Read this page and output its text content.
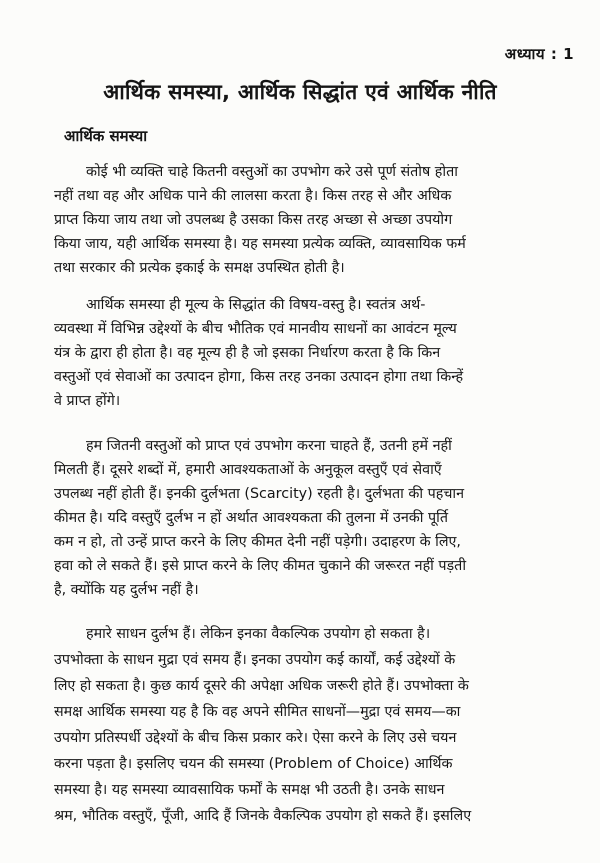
अध्याय : 1
आर्थिक समस्या, आर्थिक सिद्धांत एवं आर्थिक नीति
आर्थिक समस्या
कोई भी व्यक्ति चाहे कितनी वस्तुओं का उपभोग करे उसे पूर्ण संतोष होता
नहीं तथा वह और अधिक पाने की लालसा करता है। किस तरह से और अधिक
प्राप्त किया जाय तथा जो उपलब्ध है उसका किस तरह अच्छा से अच्छा उपयोग
किया जाय, यही आर्थिक समस्या है। यह समस्या प्रत्येक व्यक्ति, व्यावसायिक फर्म
तथा सरकार की प्रत्येक इकाई के समक्ष उपस्थित होती है।
आर्थिक समस्या ही मूल्य के सिद्धांत की विषय-वस्तु है। स्वतंत्र अर्थ-
व्यवस्था में विभिन्न उद्देश्यों के बीच भौतिक एवं मानवीय साधनों का आवंटन मूल्य
यंत्र के द्वारा ही होता है। वह मूल्य ही है जो इसका निर्धारण करता है कि किन
वस्तुओं एवं सेवाओं का उत्पादन होगा, किस तरह उनका उत्पादन होगा तथा किन्हें
वे प्राप्त होंगे।
हम जितनी वस्तुओं को प्राप्त एवं उपभोग करना चाहते हैं, उतनी हमें नहीं
मिलती हैं। दूसरे शब्दों में, हमारी आवश्यकताओं के अनुकूल वस्तुएँ एवं सेवाएँ
उपलब्ध नहीं होती हैं। इनकी दुर्लभता (Scarcity) रहती है। दुर्लभता की पहचान
कीमत है। यदि वस्तुएँ दुर्लभ न हों अर्थात आवश्यकता की तुलना में उनकी पूर्ति
कम न हो, तो उन्हें प्राप्त करने के लिए कीमत देनी नहीं पड़ेगी। उदाहरण के लिए,
हवा को ले सकते हैं। इसे प्राप्त करने के लिए कीमत चुकाने की जरूरत नहीं पड़ती
है, क्योंकि यह दुर्लभ नहीं है।
हमारे साधन दुर्लभ हैं। लेकिन इनका वैकल्पिक उपयोग हो सकता है।
उपभोक्ता के साधन मुद्रा एवं समय हैं। इनका उपयोग कई कार्यों, कई उद्देश्यों के
लिए हो सकता है। कुछ कार्य दूसरे की अपेक्षा अधिक जरूरी होते हैं। उपभोक्ता के
समक्ष आर्थिक समस्या यह है कि वह अपने सीमित साधनों—मुद्रा एवं समय—का
उपयोग प्रतिस्पर्धी उद्देश्यों के बीच किस प्रकार करे। ऐसा करने के लिए उसे चयन
करना पड़ता है। इसलिए चयन की समस्या (Problem of Choice) आर्थिक
समस्या है। यह समस्या व्यावसायिक फर्मों के समक्ष भी उठती है। उनके साधन
श्रम, भौतिक वस्तुएँ, पूँजी, आदि हैं जिनके वैकल्पिक उपयोग हो सकते हैं। इसलिए
